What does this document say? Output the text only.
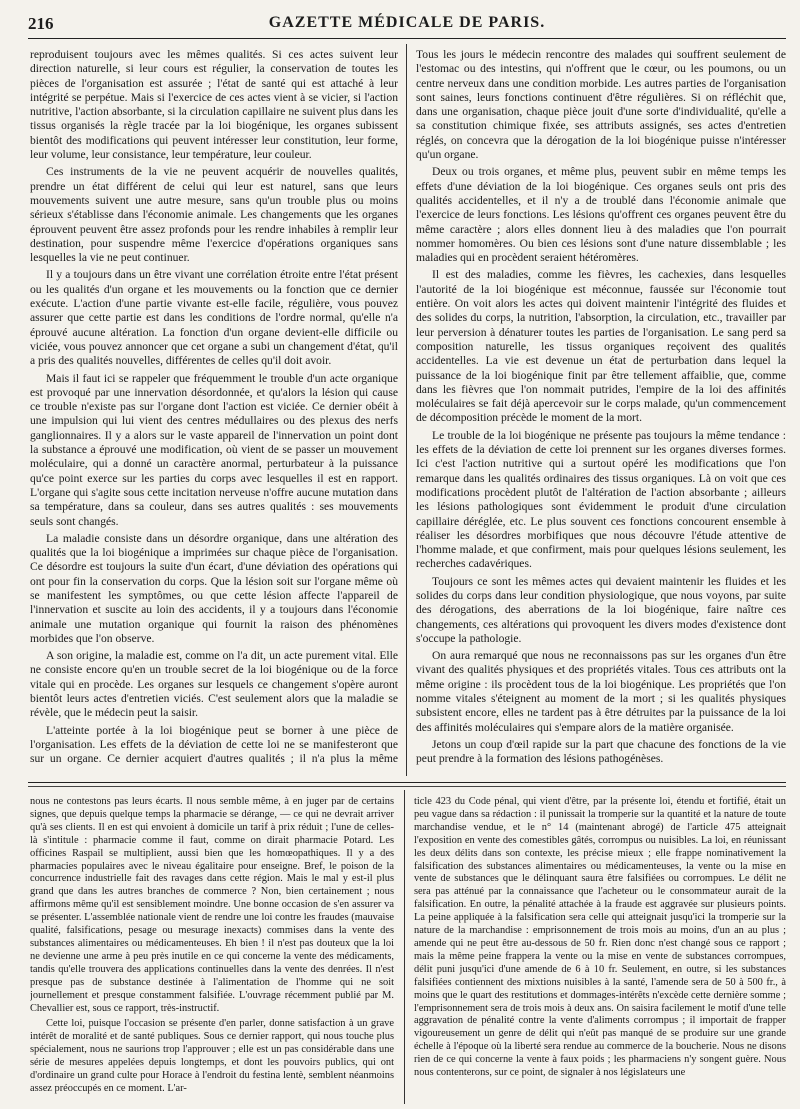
216	GAZETTE MÉDICALE DE PARIS.

reproduisent toujours avec les mêmes qualités. Si ces actes suivent leur direction naturelle, si leur cours est régulier, la conservation de toutes les pièces de l'organisation est assurée ; l'état de santé qui est attaché à leur intégrité se perpétue. Mais si l'exercice de ces actes vient à se vicier, si l'action nutritive, l'action absorbante, si la circulation capillaire ne suivent plus dans les tissus organisés la règle tracée par la loi biogénique, les organes subissent bientôt des modifications qui peuvent intéresser leur constitution, leur forme, leur volume, leur consistance, leur température, leur couleur.

Ces instruments de la vie ne peuvent acquérir de nouvelles qualités, prendre un état différent de celui qui leur est naturel, sans que leurs mouvements suivent une autre mesure, sans qu'un trouble plus ou moins sérieux s'établisse dans l'économie animale. Les changements que les organes éprouvent peuvent être assez profonds pour les rendre inhabiles à remplir leur destination, pour suspendre même l'exercice d'opérations organiques sans lesquelles la vie ne peut continuer.

Il y a toujours dans un être vivant une corrélation étroite entre l'état présent ou les qualités d'un organe et les mouvements ou la fonction que ce dernier exécute. L'action d'une partie vivante est-elle facile, régulière, vous pouvez assurer que cette partie est dans les conditions de l'ordre normal, qu'elle n'a éprouvé aucune altération. La fonction d'un organe devient-elle difficile ou viciée, vous pouvez annoncer que cet organe a subi un changement d'état, qu'il a pris des qualités nouvelles, différentes de celles qu'il doit avoir.

Mais il faut ici se rappeler que fréquemment le trouble d'un acte organique est provoqué par une innervation désordonnée, et qu'alors la lésion qui cause ce trouble n'existe pas sur l'organe dont l'action est viciée. Ce dernier obéit à une impulsion qui lui vient des centres médullaires ou des plexus des nerfs ganglionnaires. Il y a alors sur le vaste appareil de l'innervation un point dont la substance a éprouvé une modification, où vient de se passer un mouvement moléculaire, qui a donné un caractère anormal, perturbateur à la puissance qu'ce point exerce sur les parties du corps avec lesquelles il est en rapport. L'organe qui s'agite sous cette incitation nerveuse n'offre aucune mutation dans sa température, dans sa couleur, dans ses autres qualités : ses mouvements seuls sont changés.

La maladie consiste dans un désordre organique, dans une altération des qualités que la loi biogénique a imprimées sur chaque pièce de l'organisation. Ce désordre est toujours la suite d'un écart, d'une déviation des opérations qui ont pour fin la conservation du corps. Que la lésion soit sur l'organe même où se manifestent les symptômes, ou que cette lésion affecte l'appareil de l'innervation et suscite au loin des accidents, il y a toujours dans l'économie animale une mutation organique qui fournit la raison des phénomènes morbides que l'on observe.

A son origine, la maladie est, comme on l'a dit, un acte purement vital. Elle ne consiste encore qu'en un trouble secret de la loi biogénique ou de la force vitale qui en procède. Les organes sur lesquels ce changement s'opère auront bientôt leurs actes d'entretien viciés. C'est seulement alors que la maladie se révèle, que le médecin peut la saisir.

L'atteinte portée à la loi biogénique peut se borner à une pièce de l'organisation. Les effets de la déviation de cette loi ne se manifesteront que sur un organe. Ce dernier acquiert d'autres qualités ; il n'a plus la même

Tous les jours le médecin rencontre des malades qui souffrent seulement de l'estomac ou des intestins, qui n'offrent que le cœur, ou les poumons, ou un centre nerveux dans une condition morbide. Les autres parties de l'organisation sont saines, leurs fonctions continuent d'être régulières. Si on réfléchit que, dans une organisation, chaque pièce jouit d'une sorte d'individualité, qu'elle a sa constitution chimique fixée, ses attributs assignés, ses actes d'entretien réglés, on concevra que la dérogation de la loi biogénique puisse n'intéresser qu'un organe.

Deux ou trois organes, et même plus, peuvent subir en même temps les effets d'une déviation de la loi biogénique. Ces organes seuls ont pris des qualités accidentelles, et il n'y a de troublé dans l'économie animale que l'exercice de leurs fonctions. Les lésions qu'offrent ces organes peuvent être du même caractère ; alors elles donnent lieu à des maladies que l'on pourrait nommer homomères. Ou bien ces lésions sont d'une nature dissemblable ; les maladies qui en procèdent seraient hétéromères.

Il est des maladies, comme les fièvres, les cachexies, dans lesquelles l'autorité de la loi biogénique est méconnue, faussée sur l'économie tout entière. On voit alors les actes qui doivent maintenir l'intégrité des fluides et des solides du corps, la nutrition, l'absorption, la circulation, etc., travailler par leur perversion à dénaturer toutes les parties de l'organisation. Le sang perd sa composition naturelle, les tissus organiques reçoivent des qualités accidentelles. La vie est devenue un état de perturbation dans lequel la puissance de la loi biogénique finit par être tellement affaiblie, que, comme dans les fièvres que l'on nommait putrides, l'empire de la loi des affinités moléculaires se fait déjà apercevoir sur le corps malade, qu'un commencement de décomposition précède le moment de la mort.

Le trouble de la loi biogénique ne présente pas toujours la même tendance : les effets de la déviation de cette loi prennent sur les organes diverses formes. Ici c'est l'action nutritive qui a surtout opéré les modifications que l'on remarque dans les qualités ordinaires des tissus organiques. Là on voit que ces modifications procèdent plutôt de l'altération de l'action absorbante ; ailleurs les lésions pathologiques sont évidemment le produit d'une circulation capillaire déréglée, etc. Le plus souvent ces fonctions concourent ensemble à réaliser les désordres morbifiques que nous découvre l'étude attentive de l'homme malade, et que confirment, mais pour quelques lésions seulement, les recherches cadavériques.

Toujours ce sont les mêmes actes qui devaient maintenir les fluides et les solides du corps dans leur condition physiologique, que nous voyons, par suite des dérogations, des aberrations de la loi biogénique, faire naître ces changements, ces altérations qui provoquent les divers modes d'existence dont s'occupe la pathologie.

On aura remarqué que nous ne reconnaissons pas sur les organes d'un être vivant des qualités physiques et des propriétés vitales. Tous ces attributs ont la même origine : ils procèdent tous de la loi biogénique. Les propriétés que l'on nomme vitales s'éteignent au moment de la mort ; si les qualités physiques subsistent encore, elles ne tardent pas à être détruites par la puissance de la loi des affinités moléculaires qui s'empare alors de la matière organisée.

Jetons un coup d'œil rapide sur la part que chacune des fonctions de la vie peut prendre à la formation des lésions pathogénèses.

nous ne contestons pas leurs écarts. Il nous semble même, à en juger par de certains signes, que depuis quelque temps la pharmacie se dérange, — ce qui ne devrait arriver qu'à ses clients. Il en est qui envoient à domicile un tarif à prix réduit ; l'une de celles-là s'intitule : pharmacie comme il faut, comme on dirait pharmacie Potard. Les officines Raspail se multiplient, aussi bien que les homœopathiques. Il y a des pharmacies populaires avec le niveau égalitaire pour enseigne. Bref, le poison de la concurrence industrielle fait des ravages dans cette région. Mais le mal y est-il plus grand que dans les autres branches de commerce ? Non, bien certainement ; nous affirmons même qu'il est sensiblement moindre. Une bonne occasion de s'en assurer va se présenter. L'assemblée nationale vient de rendre une loi contre les fraudes (mauvaise qualité, falsifications, pesage ou mesurage inexacts) commises dans la vente des substances alimentaires ou médicamenteuses. Eh bien ! il n'est pas douteux que la loi ne devienne une arme à peu près inutile en ce qui concerne la vente des médicaments, tandis qu'elle trouvera des applications continuelles dans la vente des denrées. Il n'est presque pas de substance destinée à l'alimentation de l'homme qui ne soit journellement et presque constamment falsifiée. L'ouvrage récemment publié par M. Chevallier est, sous ce rapport, très-instructif.

Cette loi, puisque l'occasion se présente d'en parler, donne satisfaction à un grave intérêt de moralité et de santé publiques. Sous ce dernier rapport, qui nous touche plus spécialement, nous ne saurions trop l'approuver ; elle est un pas considérable dans une série de mesures appelées depuis longtemps, et dont les pouvoirs publics, qui ont d'ordinaire un grand culte pour Horace à l'endroit du festina lentè, semblent néanmoins assez préoccupés en ce moment. L'ar-

ticle 423 du Code pénal, qui vient d'être, par la présente loi, étendu et fortifié, était un peu vague dans sa rédaction : il punissait la tromperie sur la quantité et la nature de toute marchandise vendue, et le n° 14 (maintenant abrogé) de l'article 475 atteignait l'exposition en vente des comestibles gâtés, corrompus ou nuisibles. La loi, en réunissant les deux délits dans son contexte, les précise mieux ; elle frappe nominativement la falsification des substances alimentaires ou médicamenteuses, la vente ou la mise en vente de substances que le délinquant saura être falsifiées ou corrompues. Le délit ne sera pas atténué par la connaissance que l'acheteur ou le consommateur aurait de la falsification. En outre, la pénalité attachée à la fraude est aggravée sur plusieurs points. La peine appliquée à la falsification sera celle qui atteignait jusqu'ici la tromperie sur la nature de la marchandise : emprisonnement de trois mois au moins, d'un an au plus ; amende qui ne peut être au-dessous de 50 fr. Rien donc n'est changé sous ce rapport ; mais la même peine frappera la vente ou la mise en vente de substances corrompues, délit puni jusqu'ici d'une amende de 6 à 10 fr. Seulement, en outre, si les substances falsifiées contiennent des mixtions nuisibles à la santé, l'amende sera de 50 à 500 fr., à moins que le quart des restitutions et dommages-intérêts n'excède cette dernière somme ; l'emprisonnement sera de trois mois à deux ans. On saisira facilement le motif d'une telle aggravation de pénalité contre la vente d'aliments corrompus ; il importait de frapper vigoureusement un genre de délit qui n'eût pas manqué de se produire sur une grande échelle à l'époque où la liberté sera rendue au commerce de la boucherie. Nous ne disons rien de ce qui concerne la vente à faux poids ; les pharmaciens n'y songent guère. Nous nous contenterons, sur ce point, de signaler à nos législateurs une
